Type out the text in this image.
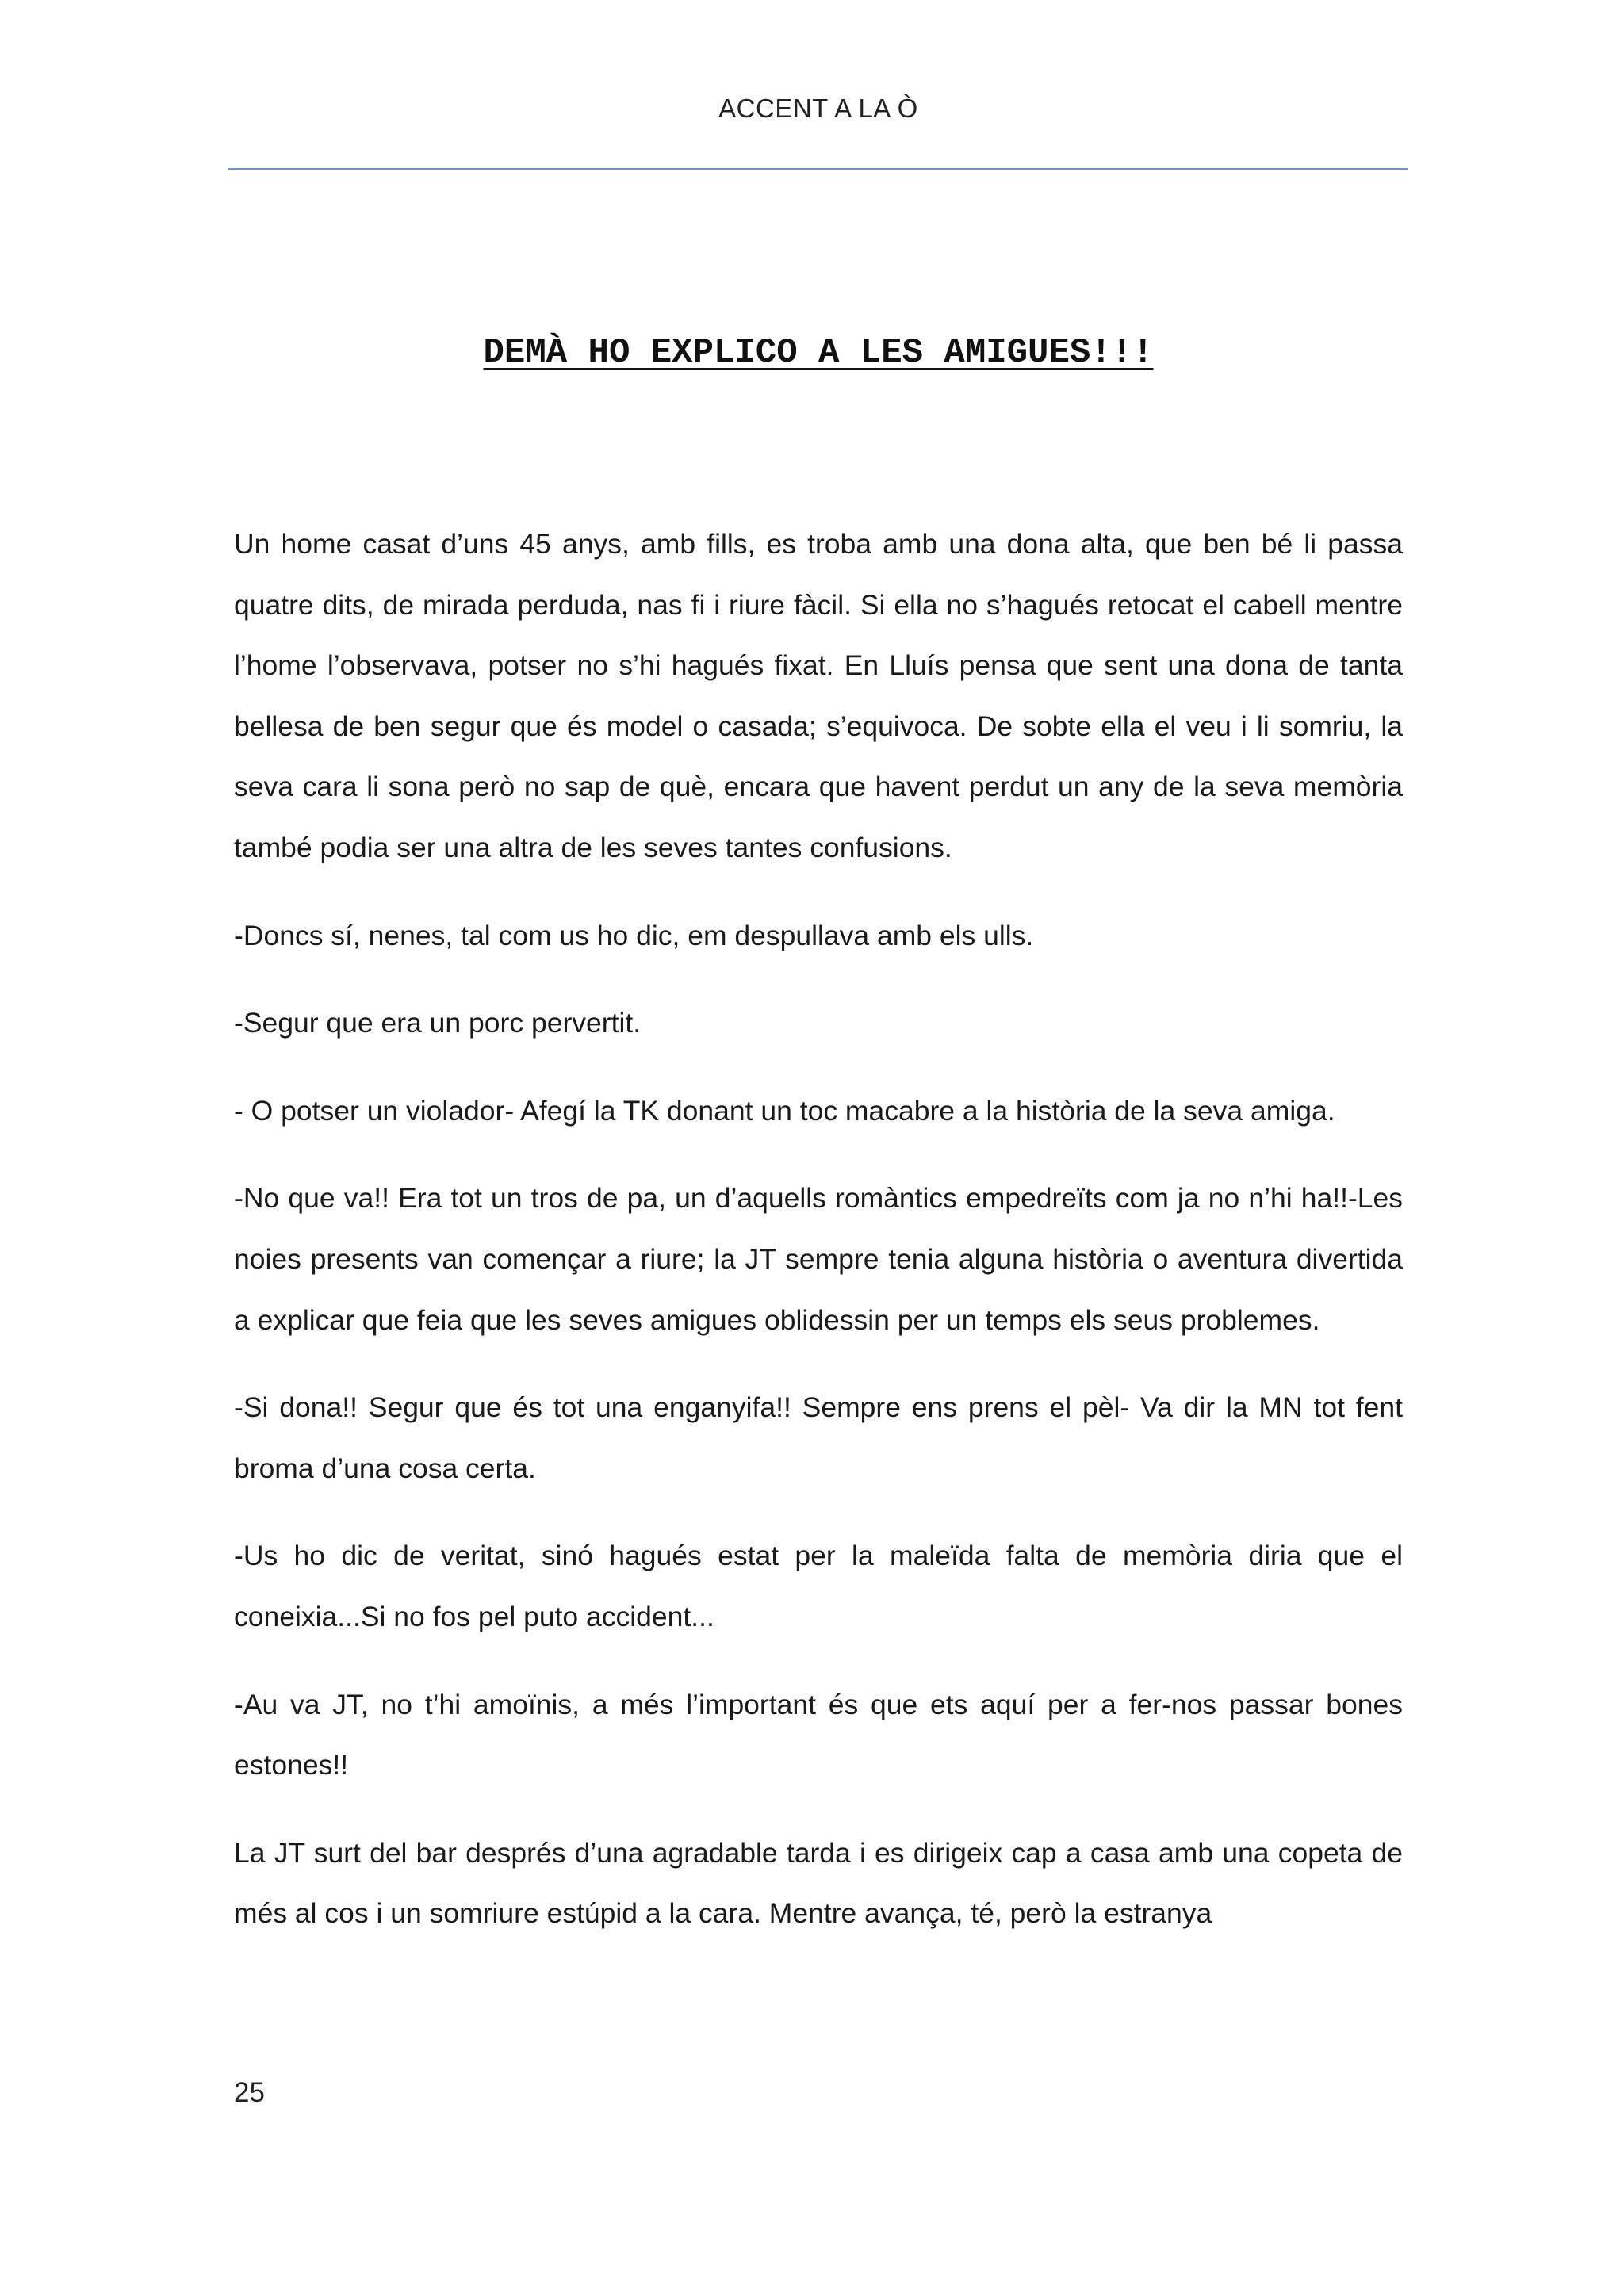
ACCENT A LA Ò
DEMÀ HO EXPLICO A LES AMIGUES!!!

Un home casat d’uns 45 anys, amb fills, es troba amb una dona alta, que ben bé li passa quatre dits, de mirada perduda, nas fi i riure fàcil. Si ella no s’hagués retocat el cabell mentre l’home l’observava, potser no s’hi hagués fixat. En Lluís pensa que sent una dona de tanta bellesa de ben segur que és model o casada; s’equivoca. De sobte ella el veu i li somriu, la seva cara li sona però no sap de què, encara que havent perdut un any de la seva memòria també podia ser una altra de les seves tantes confusions.

-Doncs sí, nenes, tal com us ho dic, em despullava amb els ulls.

-Segur que era un porc pervertit.

- O potser un violador- Afegí la TK donant un toc macabre a la història de la seva amiga.

-No que va!! Era tot un tros de pa, un d’aquells romàntics empedreïts com ja no n’hi ha!!-Les noies presents van començar a riure; la JT sempre tenia alguna història o aventura divertida a explicar que feia que les seves amigues oblidessin per un temps els seus problemes.

-Si dona!! Segur que és tot una enganyifa!! Sempre ens prens el pèl- Va dir la MN tot fent broma d’una cosa certa.

-Us ho dic de veritat, sinó hagués estat per la maleïda falta de memòria diria que el coneixia...Si no fos pel puto accident...

-Au va JT, no t’hi amoïnis, a més l’important és que ets aquí per a fer-nos passar bones estones!!

La JT surt del bar després d’una agradable tarda i es dirigeix cap a casa amb una copeta de més al cos i un somriure estúpid a la cara. Mentre avança, té, però la estranya

25
